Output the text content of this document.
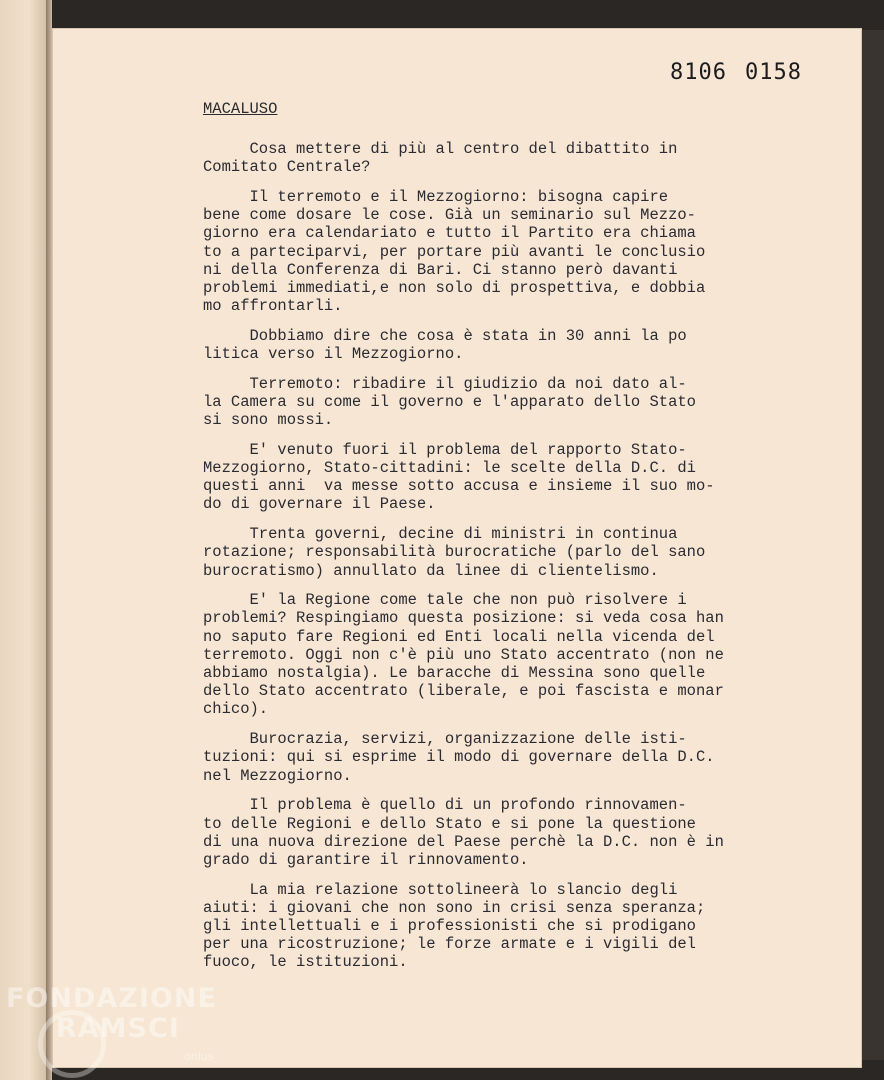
8106 0158
MACALUSO

Cosa mettere di più al centro del dibattito in
Comitato Centrale?

Il terremoto e il Mezzogiorno: bisogna capire
bene come dosare le cose. Già un seminario sul Mezzo-
giorno era calendariato e tutto il Partito era chiama
to a parteciparvi, per portare più avanti le conclusio
ni della Conferenza di Bari. Ci stanno però davanti
problemi immediati,e non solo di prospettiva, e dobbia
mo affrontarli.

Dobbiamo dire che cosa è stata in 30 anni la po
litica verso il Mezzogiorno.

Terremoto: ribadire il giudizio da noi dato al-
la Camera su come il governo e l'apparato dello Stato
si sono mossi.

E' venuto fuori il problema del rapporto Stato-
Mezzogiorno, Stato-cittadini: le scelte della D.C. di
questi anni  va messe sotto accusa e insieme il suo mo-
do di governare il Paese.

Trenta governi, decine di ministri in continua
rotazione; responsabilità burocratiche (parlo del sano
burocratismo) annullato da linee di clientelismo.

E' la Regione come tale che non può risolvere i
problemi? Respingiamo questa posizione: si veda cosa han
no saputo fare Regioni ed Enti locali nella vicenda del
terremoto. Oggi non c'è più uno Stato accentrato (non ne
abbiamo nostalgia). Le baracche di Messina sono quelle
dello Stato accentrato (liberale, e poi fascista e monar
chico).

Burocrazia, servizi, organizzazione delle isti-
tuzioni: qui si esprime il modo di governare della D.C.
nel Mezzogiorno.

Il problema è quello di un profondo rinnovamen-
to delle Regioni e dello Stato e si pone la questione
di una nuova direzione del Paese perchè la D.C. non è in
grado di garantire il rinnovamento.

La mia relazione sottolineerà lo slancio degli
aiuti: i giovani che non sono in crisi senza speranza;
gli intellettuali e i professionisti che si prodigano
per una ricostruzione; le forze armate e i vigili del
fuoco, le istituzioni.

FONDAZIONE
RAMSCI
onlus
